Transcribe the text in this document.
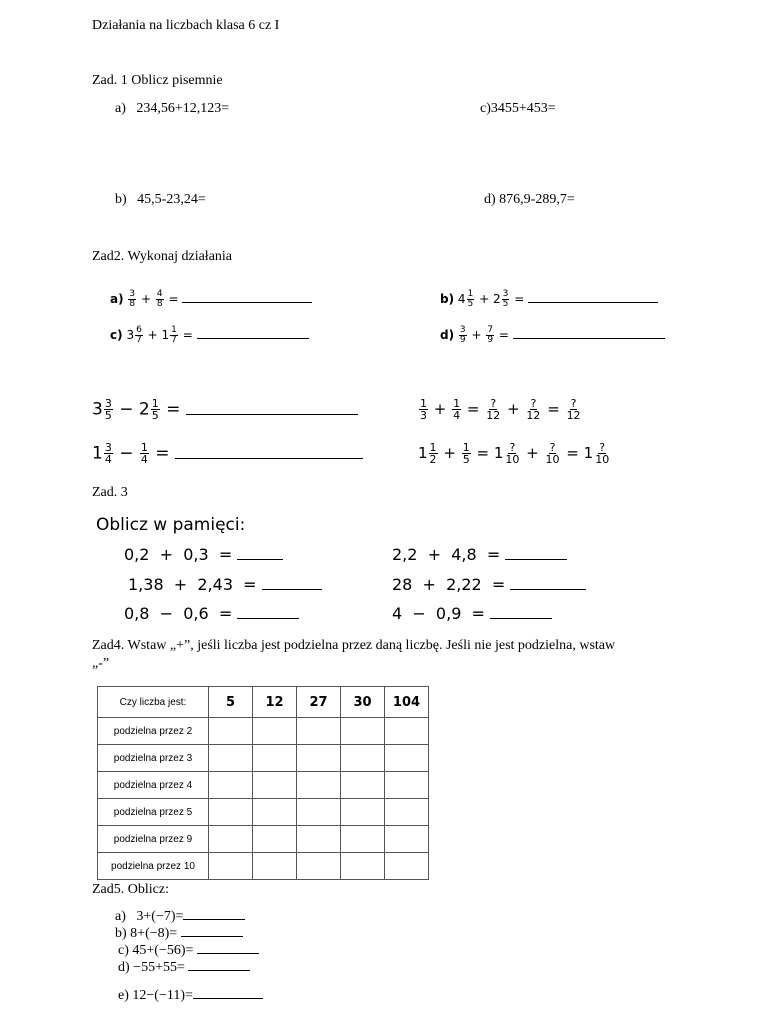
Działania na liczbach klasa 6 cz I
Zad. 1 Oblicz pisemnie
a) 234,56+12,123=	c)3455+453=
b) 45,5-23,24=	d) 876,9-289,7=
Zad2. Wykonaj działania
$a) \frac{3}{8} + \frac{4}{8}$ =	b) $4 \frac{1}{5} + 2 \frac{3}{5}$ =
c) $3 \frac{6}{7} + 1 \frac{1}{7}$ =	$d) \frac{3}{9} + \frac{7}{9}$ =
$3 \frac{3}{5} - 2 \frac{1}{5}$ =	$\frac{1}{3} + \frac{1}{4} = \frac{?}{12} + \frac{?}{12} = \frac{?}{12}$
$1 \frac{3}{4} - \frac{1}{4}$ =	$1 \frac{1}{2} + \frac{1}{5} = 1 \frac{?}{10} + \frac{?}{10} = 1 \frac{?}{10}$
Zad. 3
Oblicz w pamięci:
0,2  +  0,3  =	2,2  +  4,8  =
1,38  +  2,43  =	28  +  2,22  =
0,8  −  0,6  =	4  −  0,9  =
Zad4. Wstaw „+”, jeśli liczba jest podzielna przez daną liczbę. Jeśli nie jest podzielna, wstaw
„-”
Czy liczba jest:	5	12	27	30	104
podzielna przez 2					
podzielna przez 3					
podzielna przez 4					
podzielna przez 5					
podzielna przez 9					
podzielna przez 10					
Zad5. Oblicz:
a) 3+(−7)=
b) 8+(−8)=
c) 45+(−56)=
d) −55+55=
e) 12−(−11)=
